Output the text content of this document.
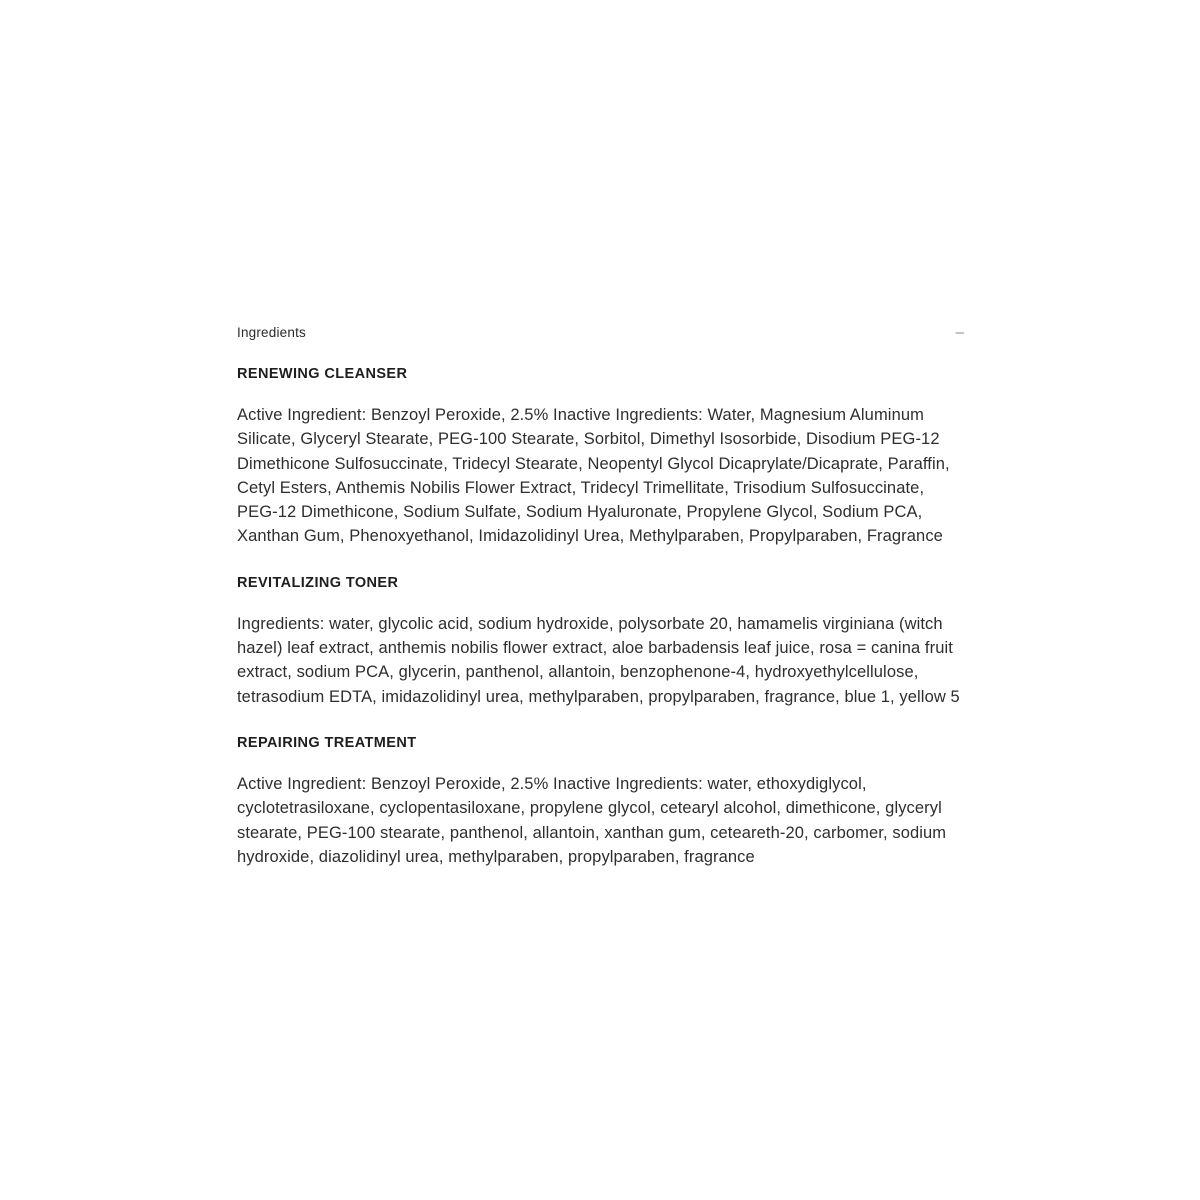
Ingredients	–
RENEWING CLEANSER
Active Ingredient: Benzoyl Peroxide, 2.5% Inactive Ingredients: Water, Magnesium Aluminum Silicate, Glyceryl Stearate, PEG-100 Stearate, Sorbitol, Dimethyl Isosorbide, Disodium PEG-12 Dimethicone Sulfosuccinate, Tridecyl Stearate, Neopentyl Glycol Dicaprylate/Dicaprate, Paraffin, Cetyl Esters, Anthemis Nobilis Flower Extract, Tridecyl Trimellitate, Trisodium Sulfosuccinate, PEG-12 Dimethicone, Sodium Sulfate, Sodium Hyaluronate, Propylene Glycol, Sodium PCA, Xanthan Gum, Phenoxyethanol, Imidazolidinyl Urea, Methylparaben, Propylparaben, Fragrance
REVITALIZING TONER
Ingredients: water, glycolic acid, sodium hydroxide, polysorbate 20, hamamelis virginiana (witch hazel) leaf extract, anthemis nobilis flower extract, aloe barbadensis leaf juice, rosa = canina fruit extract, sodium PCA, glycerin, panthenol, allantoin, benzophenone-4, hydroxyethylcellulose, tetrasodium EDTA, imidazolidinyl urea, methylparaben, propylparaben, fragrance, blue 1, yellow 5
REPAIRING TREATMENT
Active Ingredient: Benzoyl Peroxide, 2.5% Inactive Ingredients: water, ethoxydiglycol, cyclotetrasiloxane, cyclopentasiloxane, propylene glycol, cetearyl alcohol, dimethicone, glyceryl stearate, PEG-100 stearate, panthenol, allantoin, xanthan gum, ceteareth-20, carbomer, sodium hydroxide, diazolidinyl urea, methylparaben, propylparaben, fragrance
